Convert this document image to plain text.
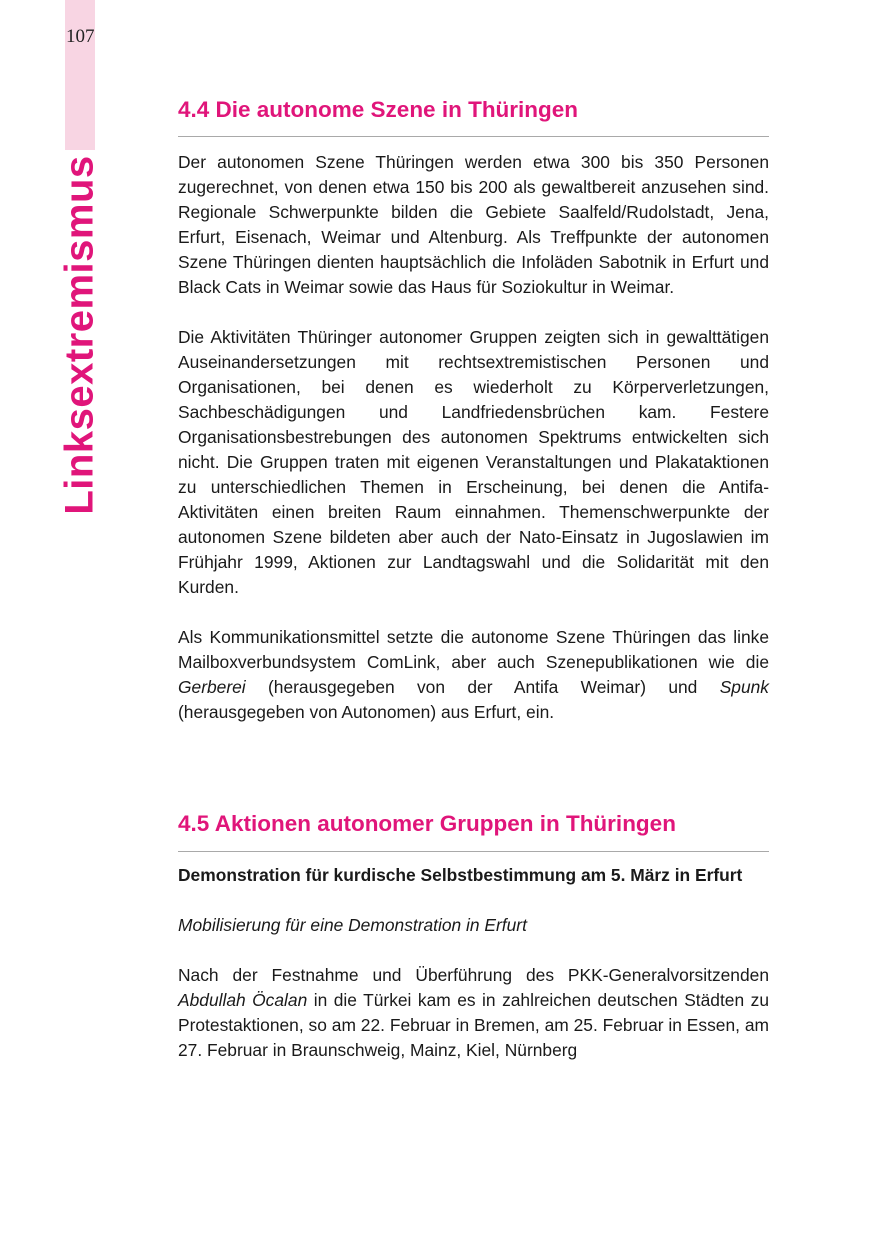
107
Linksextremismus
4.4 Die autonome Szene in Thüringen

Der autonomen Szene Thüringen werden etwa 300 bis 350 Personen zugerechnet, von denen etwa 150 bis 200 als gewaltbereit anzusehen sind. Regionale Schwerpunkte bilden die Gebiete Saalfeld/​Rudolstadt, Jena, Erfurt, Eisenach, Weimar und Altenburg. Als Treffpunkte der autonomen Szene Thüringen dienten hauptsächlich die Infoläden Sabotnik in Erfurt und Black Cats in Weimar sowie das Haus für Soziokultur in Weimar.

Die Aktivitäten Thüringer autonomer Gruppen zeigten sich in gewalttätigen Auseinandersetzungen mit rechtsextremistischen Personen und Organisationen, bei denen es wiederholt zu Körperverletzungen, Sachbeschädigungen und Landfriedensbrüchen kam. Festere Organisationsbestrebungen des autonomen Spektrums entwickelten sich nicht. Die Gruppen traten mit eigenen Veranstaltungen und Plakataktionen zu unterschiedlichen Themen in Erscheinung, bei denen die Antifa-Aktivitäten einen breiten Raum einnahmen. Themenschwerpunkte der autonomen Szene bildeten aber auch der Nato-​Einsatz in Jugoslawien im Frühjahr 1999, Aktionen zur Landtagswahl und die Solidarität mit den Kurden.

Als Kommunikationsmittel setzte die autonome Szene Thüringen das linke Mailboxverbundsystem ComLink, aber auch Szenepublikationen wie die Gerberei (herausgegeben von der Antifa Weimar) und Spunk (herausgegeben von Autonomen) aus Erfurt, ein.

4.5 Aktionen autonomer Gruppen in Thüringen
Demonstration für kurdische Selbstbestimmung am 5. März in Erfurt

Mobilisierung für eine Demonstration in Erfurt

Nach der Festnahme und Überführung des PKK-Generalvorsitzenden Abdullah Öcalan in die Türkei kam es in zahlreichen deutschen Städten zu Protestaktionen, so am 22. Februar in Bremen, am 25. Februar in Essen, am 27. Februar in Braunschweig, Mainz, Kiel, Nürnberg
